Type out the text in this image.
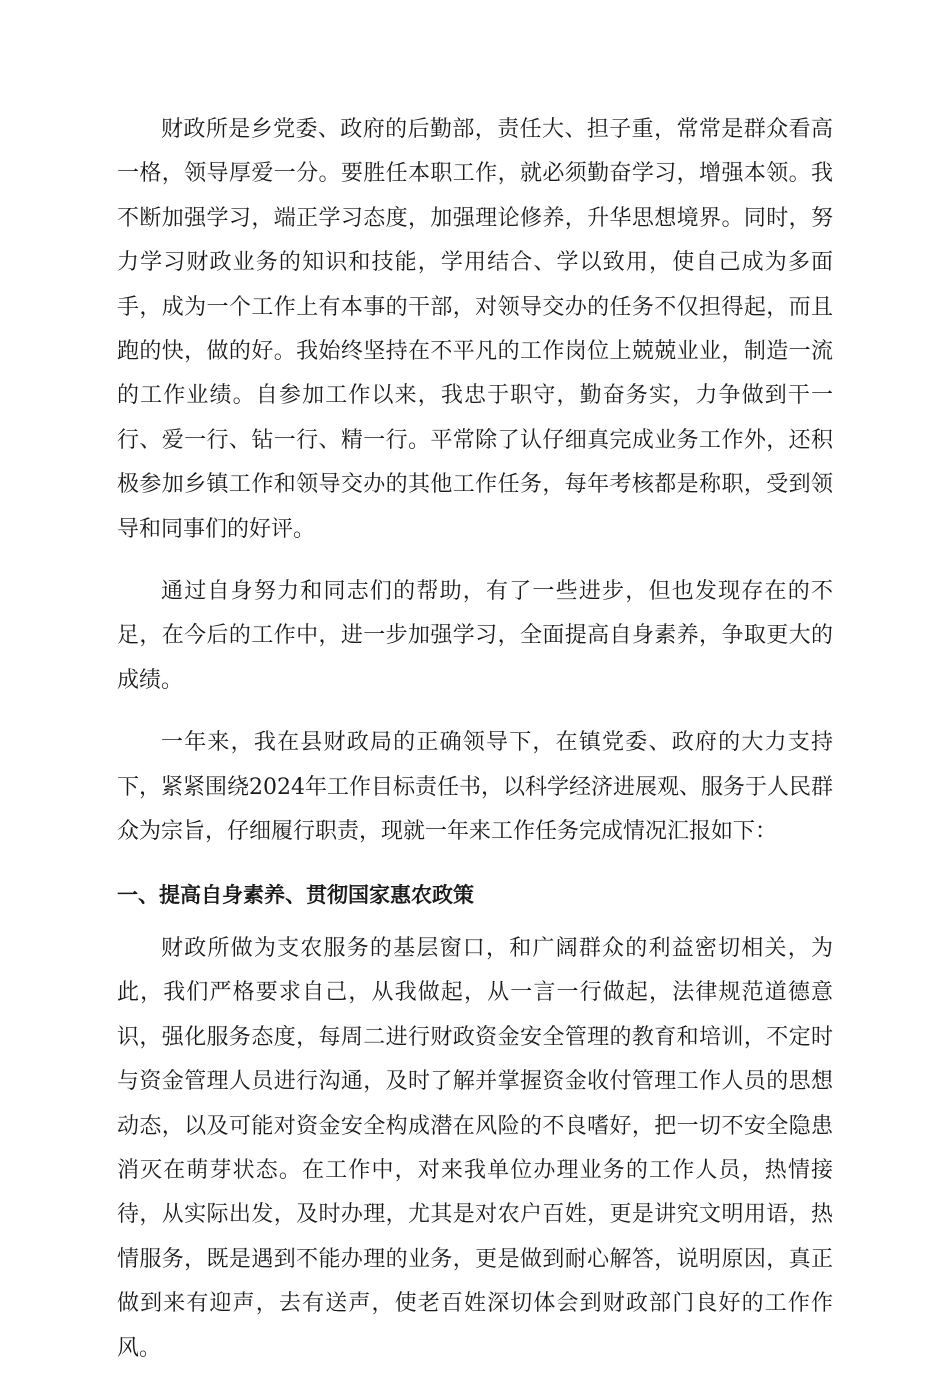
财政所是乡党委、政府的后勤部，责任大、担子重，常常是群众看高一格，领导厚爱一分。要胜任本职工作，就必须勤奋学习，增强本领。我不断加强学习，端正学习态度，加强理论修养，升华思想境界。同时，努力学习财政业务的知识和技能，学用结合、学以致用，使自己成为多面手，成为一个工作上有本事的干部，对领导交办的任务不仅担得起，而且跑的快，做的好。我始终坚持在不平凡的工作岗位上兢兢业业，制造一流的工作业绩。自参加工作以来，我忠于职守，勤奋务实，力争做到干一行、爱一行、钻一行、精一行。平常除了认仔细真完成业务工作外，还积极参加乡镇工作和领导交办的其他工作任务，每年考核都是称职，受到领导和同事们的好评。

通过自身努力和同志们的帮助，有了一些进步，但也发现存在的不足，在今后的工作中，进一步加强学习，全面提高自身素养，争取更大的成绩。

一年来，我在县财政局的正确领导下，在镇党委、政府的大力支持下，紧紧围绕2024年工作目标责任书，以科学经济进展观、服务于人民群众为宗旨，仔细履行职责，现就一年来工作任务完成情况汇报如下：

一、提高自身素养、贯彻国家惠农政策

财政所做为支农服务的基层窗口，和广阔群众的利益密切相关，为此，我们严格要求自己，从我做起，从一言一行做起，法律规范道德意识，强化服务态度，每周二进行财政资金安全管理的教育和培训，不定时与资金管理人员进行沟通，及时了解并掌握资金收付管理工作人员的思想动态，以及可能对资金安全构成潜在风险的不良嗜好，把一切不安全隐患消灭在萌芽状态。在工作中，对来我单位办理业务的工作人员，热情接待，从实际出发，及时办理，尤其是对农户百姓，更是讲究文明用语，热情服务，既是遇到不能办理的业务，更是做到耐心解答，说明原因，真正做到来有迎声，去有送声，使老百姓深切体会到财政部门良好的工作作风。
